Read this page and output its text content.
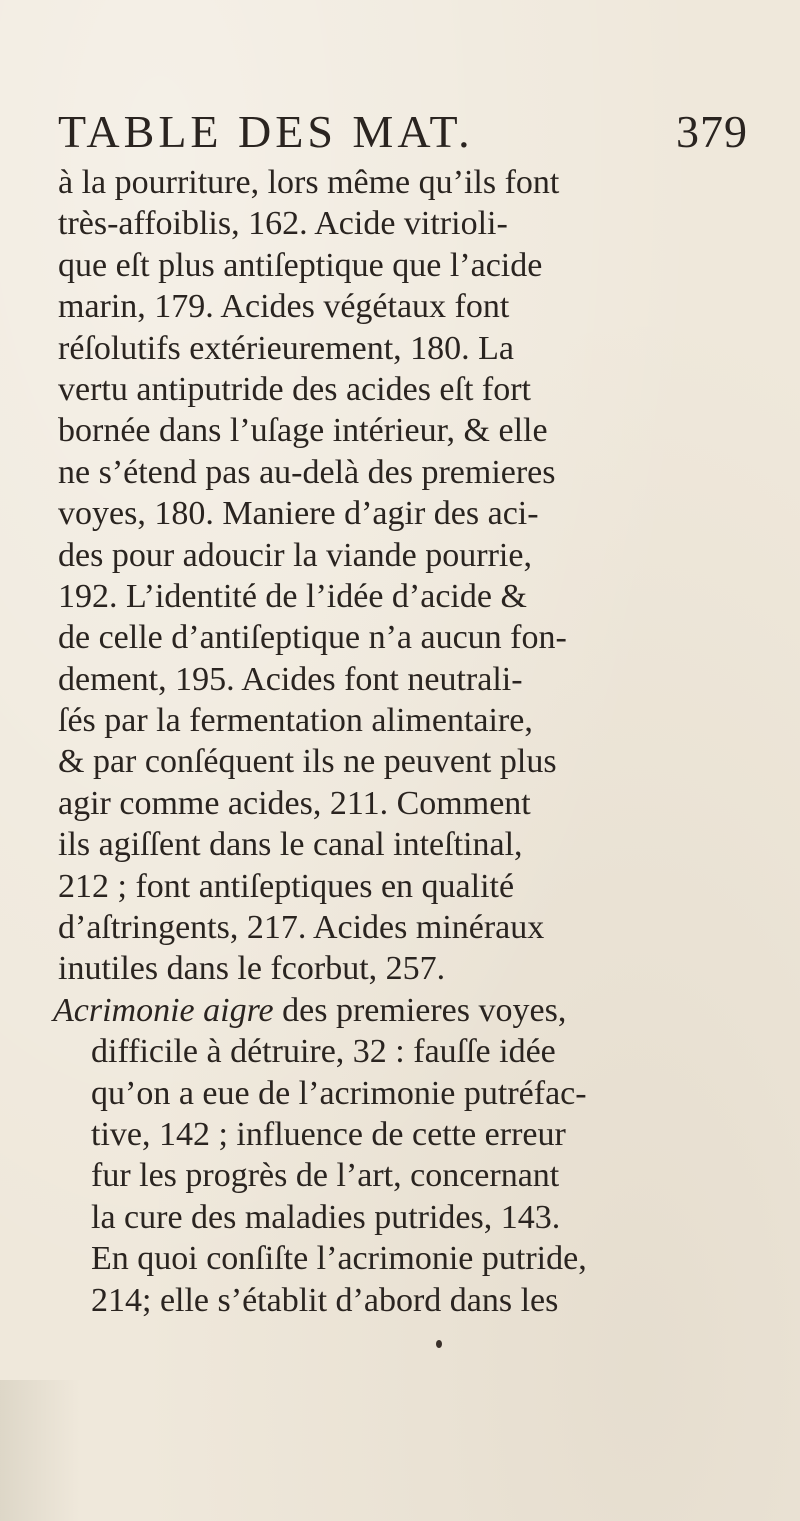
TABLE DES MAT.	379
à la pourriture, lors même qu’ils font
très-affoiblis, 162. Acide vitrioli-
que eſt plus antiſeptique que l’acide
marin, 179. Acides végétaux font
réſolutifs extérieurement, 180. La
vertu antiputride des acides eſt fort
bornée dans l’uſage intérieur, & elle
ne s’étend pas au-delà des premieres
voyes, 180. Maniere d’agir des aci-
des pour adoucir la viande pourrie,
192. L’identité de l’idée d’acide &
de celle d’antiſeptique n’a aucun fon-
dement, 195. Acides font neutrali-
ſés par la fermentation alimentaire,
& par conſéquent ils ne peuvent plus
agir comme acides, 211. Comment
ils agiſſent dans le canal inteſtinal,
212 ; font antiſeptiques en qualité
d’aſtringents, 217. Acides minéraux
inutiles dans le fcorbut, 257.
Acrimonie aigre des premieres voyes,
difficile à détruire, 32 : fauſſe idée
qu’on a eue de l’acrimonie putréfac-
tive, 142 ; influence de cette erreur
fur les progrès de l’art, concernant
la cure des maladies putrides, 143.
En quoi conſiſte l’acrimonie putride,
214; elle s’établit d’abord dans les
